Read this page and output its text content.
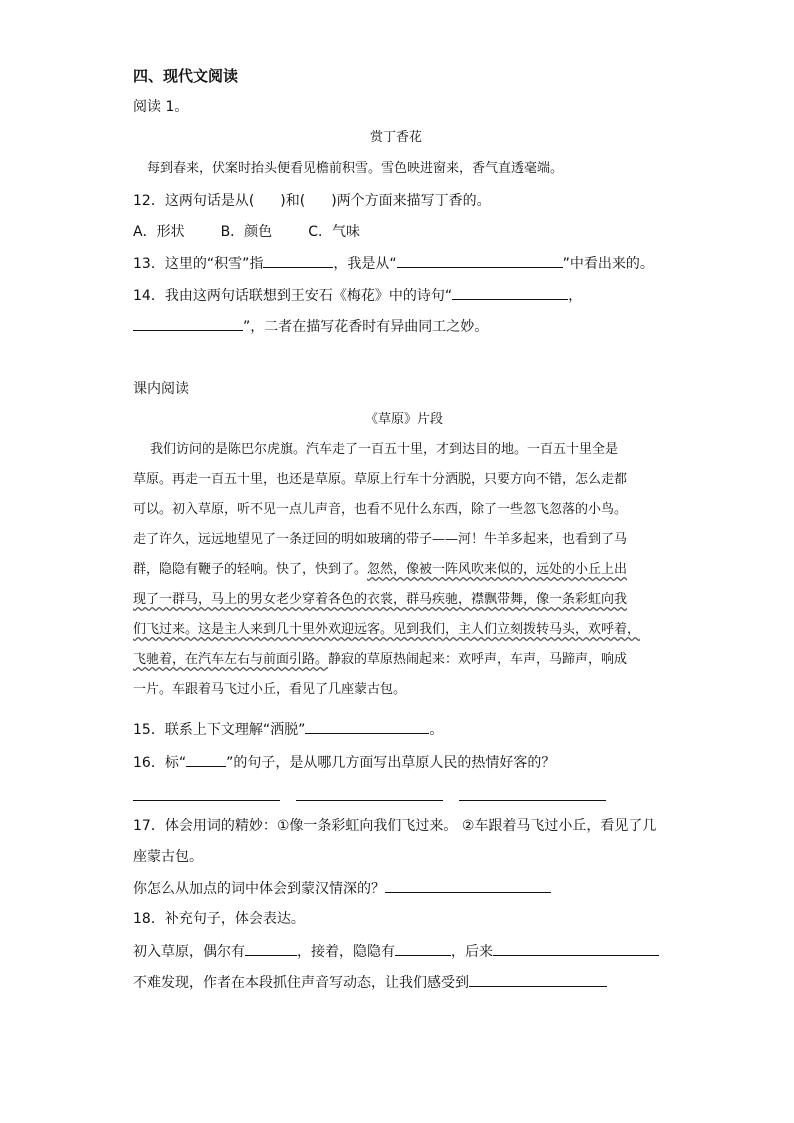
四、现代文阅读
阅读 1。
赏丁香花
每到春来，伏案时抬头便看见檐前积雪。雪色映进窗来，香气直透毫端。
12．这两句话是从( )和( )两个方面来描写丁香的。
A．形状	B．颜色	C．气味
13．这里的“积雪”指	，我是从“	”中看出来的。
14．我由这两句话联想到王安石《梅花》中的诗句“	，
”，二者在描写花香时有异曲同工之妙。
课内阅读
《草原》片段
我们访问的是陈巴尔虎旗。汽车走了一百五十里，才到达目的地。一百五十里全是
草原。再走一百五十里，也还是草原。草原上行车十分洒脱，只要方向不错，怎么走都
可以。初入草原，听不见一点儿声音，也看不见什么东西，除了一些忽飞忽落的小鸟。
走了许久，远远地望见了一条迂回的明如玻璃的带子——河！牛羊多起来，也看到了马
群，隐隐有鞭子的轻响。快了，快到了。忽然，像被一阵风吹来似的，远处的小丘上出
现了一群马，马上的男女老少穿着各色的衣裳，群马疾驰，襟飘带舞，像一条彩虹向我
们飞过来。这是主人来到几十里外欢迎远客。见到我们，主人们立刻拨转马头，欢呼着，
飞驰着，在汽车左右与前面引路。静寂的草原热闹起来：欢呼声，车声，马蹄声，响成
一片。车跟着马飞过小丘，看见了几座蒙古包。
15．联系上下文理解“洒脱”	。
16．标“	”的句子，是从哪几方面写出草原人民的热情好客的？
17．体会用词的精妙：①像一条彩虹向我们飞过来。 ②车跟着马飞过小丘，看见了几
座蒙古包。
你怎么从加点的词中体会到蒙汉情深的？
18．补充句子，体会表达。
初入草原，偶尔有	，接着，隐隐有	，后来
不难发现，作者在本段抓住声音写动态，让我们感受到
